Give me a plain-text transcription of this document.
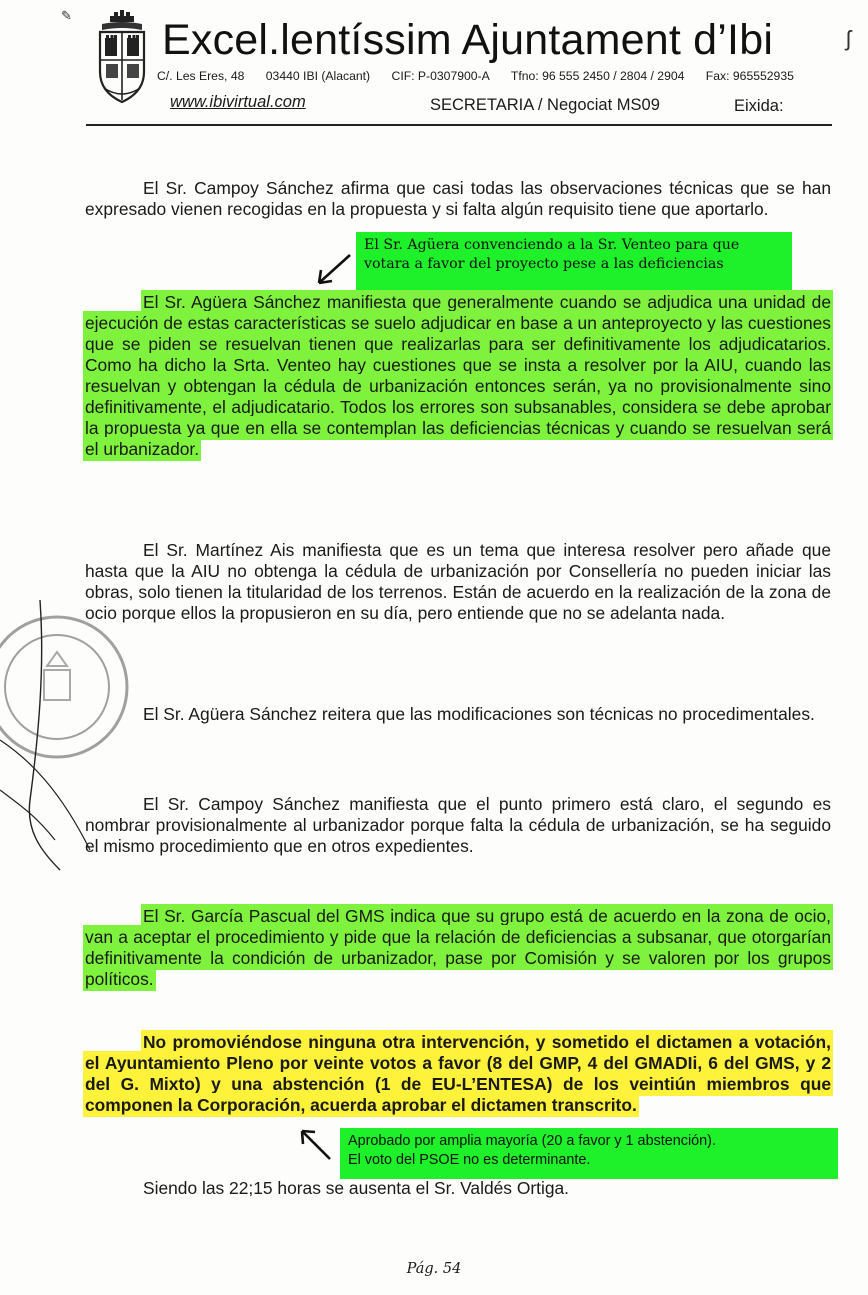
✎
Excel.lentíssim Ajuntament d’Ibi
C/. Les Eres, 48 03440 IBI (Alacant) CIF: P-0307900-A Tfno: 96 555 2450 / 2804 / 2904 Fax: 965552935
www.ibivirtual.com	SECRETARIA / Negociat MS09	Eixida:
ʃ
El Sr. Campoy Sánchez afirma que casi todas las observaciones técnicas que se han expresado vienen recogidas en la propuesta y si falta algún requisito tiene que aportarlo.
El Sr. Agüera convenciendo a la Sr. Venteo para que votara a favor del proyecto pese a las deficiencias
El Sr. Agüera Sánchez manifiesta que generalmente cuando se adjudica una unidad de ejecución de estas características se suelo adjudicar en base a un anteproyecto y las cuestiones que se piden se resuelvan tienen que realizarlas para ser definitivamente los adjudicatarios. Como ha dicho la Srta. Venteo hay cuestiones que se insta a resolver por la AIU, cuando las resuelvan y obtengan la cédula de urbanización entonces serán, ya no provisionalmente sino definitivamente, el adjudicatario. Todos los errores son subsanables, considera se debe aprobar la propuesta ya que en ella se contemplan las deficiencias técnicas y cuando se resuelvan será el urbanizador.
El Sr. Martínez Ais manifiesta que es un tema que interesa resolver pero añade que hasta que la AIU no obtenga la cédula de urbanización por Consellería no pueden iniciar las obras, solo tienen la titularidad de los terrenos. Están de acuerdo en la realización de la zona de ocio porque ellos la propusieron en su día, pero entiende que no se adelanta nada.
El Sr. Agüera Sánchez reitera que las modificaciones son técnicas no procedimentales.
El Sr. Campoy Sánchez manifiesta que el punto primero está claro, el segundo es nombrar provisionalmente al urbanizador porque falta la cédula de urbanización, se ha seguido el mismo procedimiento que en otros expedientes.
El Sr. García Pascual del GMS indica que su grupo está de acuerdo en la zona de ocio, van a aceptar el procedimiento y pide que la relación de deficiencias a subsanar, que otorgarían definitivamente la condición de urbanizador, pase por Comisión y se valoren por los grupos políticos.
No promoviéndose ninguna otra intervención, y sometido el dictamen a votación, el Ayuntamiento Pleno por veinte votos a favor (8 del GMP, 4 del GMADIi, 6 del GMS, y 2 del G. Mixto) y una abstención (1 de EU-L’ENTESA) de los veintiún miembros que componen la Corporación, acuerda aprobar el dictamen transcrito.
Aprobado por amplia mayoría (20 a favor y 1 abstención).
El voto del PSOE no es determinante.
Siendo las 22;15 horas se ausenta el Sr. Valdés Ortiga.
Pág. 54
